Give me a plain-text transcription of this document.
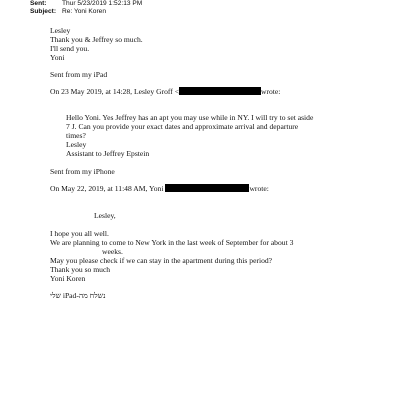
Sent: Thur 5/23/2019 1:52:13 PM
Subject: Re: Yoni Koren
Lesley
Thank you & Jeffrey so much.
I'll send you.
Yoni
Sent from my iPad
On 23 May 2019, at 14:28, Lesley Groff <	wrote:
Hello Yoni. Yes Jeffrey has an apt you may use while in NY. I will try to set aside
7 J. Can you provide your exact dates and approximate arrival and departure
times?
Lesley
Assistant to Jeffrey Epstein
Sent from my iPhone
On May 22, 2019, at 11:48 AM, Yoni	wrote:
Lesley,
I hope you all well.
We are planning to come to New York in the last week of September for about 3
weeks.
May you please check if we can stay in the apartment during this period?
Thank you so much
Yoni Koren
נשלח מה-iPad שלי
